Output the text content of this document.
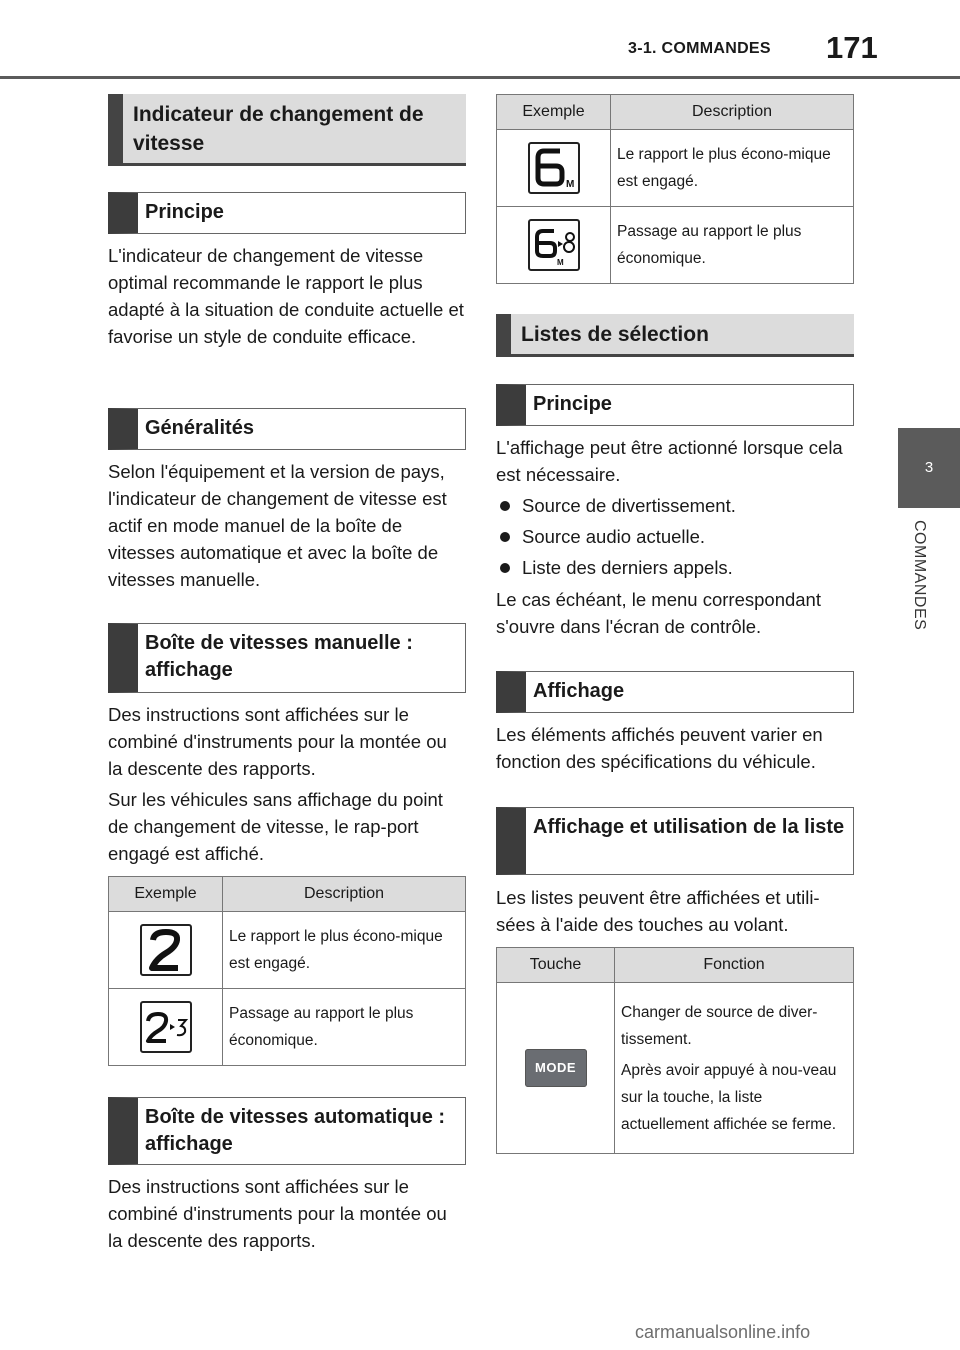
3-1. COMMANDES 171
3
COMMANDES
Indicateur de changement de vitesse
Principe

L'indicateur de changement de vitesse optimal recommande le rapport le plus adapté à la situation de conduite actuelle et favorise un style de conduite efficace.

Généralités

Selon l'équipement et la version de pays, l'indicateur de changement de vitesse est actif en mode manuel de la boîte de vitesses automatique et avec la boîte de vitesses manuelle.

Boîte de vitesses manuelle : affichage

Des instructions sont affichées sur le combiné d'instruments pour la montée ou la descente des rapports.

Sur les véhicules sans affichage du point de changement de vitesse, le rap-port engagé est affiché.

Exemple	Description

	Le rapport le plus écono-mique est engagé.

	Passage au rapport le plus économique.
Boîte de vitesses automatique : affichage

Des instructions sont affichées sur le combiné d'instruments pour la montée ou la descente des rapports.

Exemple	Description

M	Le rapport le plus écono-mique est engagé.

M	Passage au rapport le plus économique.
Listes de sélection
Principe

L'affichage peut être actionné lorsque cela est nécessaire.

Source de divertissement.
Source audio actuelle.
Liste des derniers appels.

Le cas échéant, le menu correspondant s'ouvre dans l'écran de contrôle.

Affichage

Les éléments affichés peuvent varier en fonction des spécifications du véhicule.

Affichage et utilisation de la liste

Les listes peuvent être affichées et utili-sées à l'aide des touches au volant.

Touche	Fonction

MODE	Changer de source de diver-tissement.
Après avoir appuyé à nou-veau sur la touche, la liste actuellement affichée se ferme.
carmanualsonline.info
